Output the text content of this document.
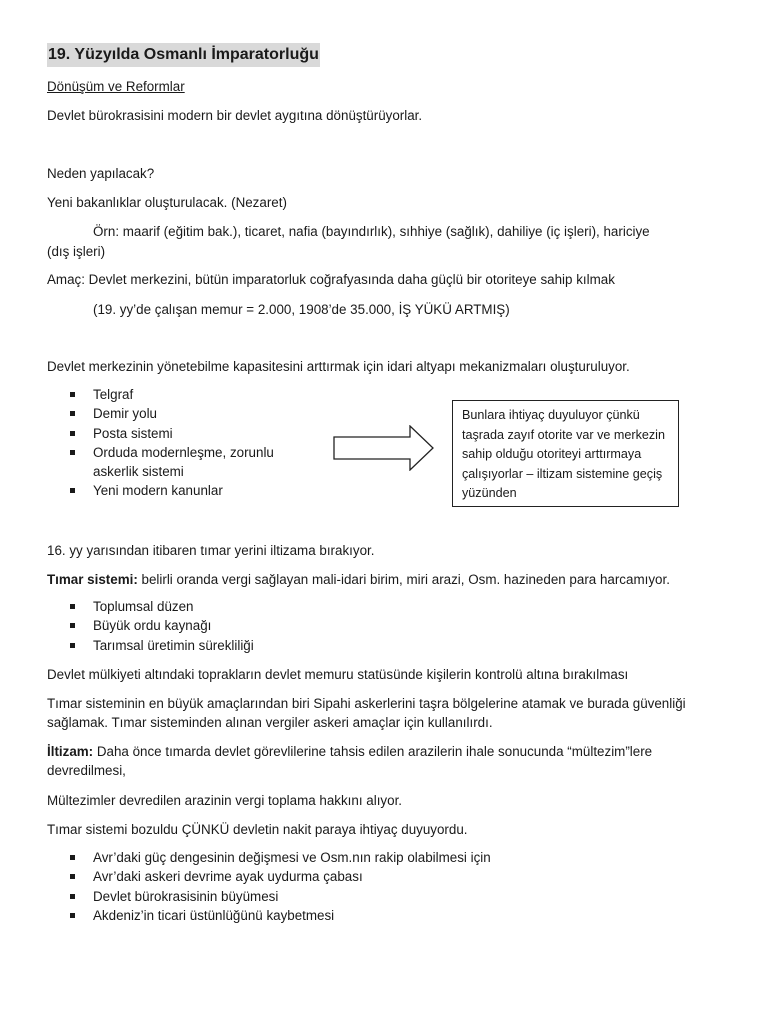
19. Yüzyılda Osmanlı İmparatorluğu

Dönüşüm ve Reformlar

Devlet bürokrasisini modern bir devlet aygıtına dönüştürüyorlar.

Neden yapılacak?

Yeni bakanlıklar oluşturulacak. (Nezaret)

Örn: maarif (eğitim bak.), ticaret, nafia (bayındırlık), sıhhiye (sağlık), dahiliye (iç işleri), hariciye

(dış işleri)

Amaç: Devlet merkezini, bütün imparatorluk coğrafyasında daha güçlü bir otoriteye sahip kılmak

(19. yy’de çalışan memur = 2.000, 1908’de 35.000, İŞ YÜKÜ ARTMIŞ)

Devlet merkezinin yönetebilme kapasitesini arttırmak için idari altyapı mekanizmaları oluşturuluyor.

Telgraf
Demir yolu
Posta sistemi
Orduda modernleşme, zorunlu askerlik sistemi
Yeni modern kanunlar
Bunlara ihtiyaç duyuluyor çünkü taşrada zayıf otorite var ve merkezin sahip olduğu otoriteyi arttırmaya çalışıyorlar – iltizam sistemine geçiş yüzünden

16. yy yarısından itibaren tımar yerini iltizama bırakıyor.

Tımar sistemi: belirli oranda vergi sağlayan mali-idari birim, miri arazi, Osm. hazineden para harcamıyor.

Toplumsal düzen
Büyük ordu kaynağı
Tarımsal üretimin sürekliliği

Devlet mülkiyeti altındaki toprakların devlet memuru statüsünde kişilerin kontrolü altına bırakılması

Tımar sisteminin en büyük amaçlarından biri Sipahi askerlerini taşra bölgelerine atamak ve burada güvenliği sağlamak. Tımar sisteminden alınan vergiler askeri amaçlar için kullanılırdı.

İltizam: Daha önce tımarda devlet görevlilerine tahsis edilen arazilerin ihale sonucunda “mültezim”lere devredilmesi,

Mültezimler devredilen arazinin vergi toplama hakkını alıyor.

Tımar sistemi bozuldu ÇÜNKÜ devletin nakit paraya ihtiyaç duyuyordu.

Avr’daki güç dengesinin değişmesi ve Osm.nın rakip olabilmesi için
Avr’daki askeri devrime ayak uydurma çabası
Devlet bürokrasisinin büyümesi
Akdeniz’in ticari üstünlüğünü kaybetmesi
